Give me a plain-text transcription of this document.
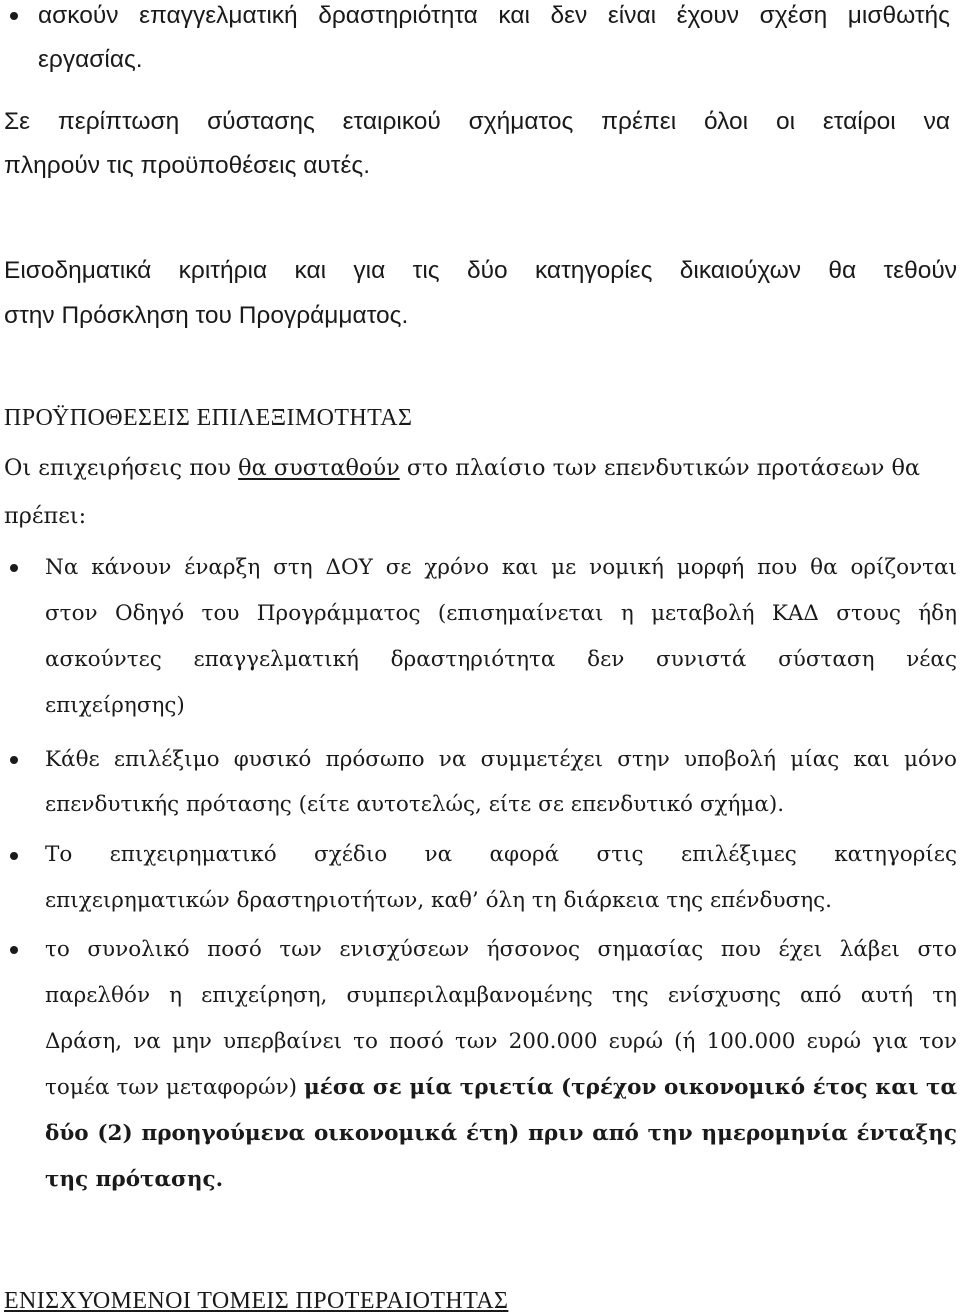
ασκούν επαγγελματική δραστηριότητα και δεν είναι έχουν σχέση μισθωτής
εργασίας.
Σε περίπτωση σύστασης εταιρικού σχήματος πρέπει όλοι οι εταίροι να
πληρούν τις προϋποθέσεις αυτές.
Εισοδηματικά κριτήρια και για τις δύο κατηγορίες δικαιούχων θα τεθούν
στην Πρόσκληση του Προγράμματος.
ΠΡΟΫΠΟΘΕΣΕΙΣ ΕΠΙΛΕΞΙΜΟΤΗΤΑΣ
Οι επιχειρήσεις που θα συσταθούν στο πλαίσιο των επενδυτικών προτάσεων θα
πρέπει:
Να κάνουν έναρξη στη ΔΟΥ σε χρόνο και με νομική μορφή που θα ορίζονται
στον Οδηγό του Προγράμματος (επισημαίνεται η μεταβολή ΚΑΔ στους ήδη
ασκούντες επαγγελματική δραστηριότητα δεν συνιστά σύσταση νέας
επιχείρησης)
Κάθε επιλέξιμο φυσικό πρόσωπο να συμμετέχει στην υποβολή μίας και μόνο
επενδυτικής πρότασης (είτε αυτοτελώς, είτε σε επενδυτικό σχήμα).
Το επιχειρηματικό σχέδιο να αφορά στις επιλέξιμες κατηγορίες
επιχειρηματικών δραστηριοτήτων, καθ’ όλη τη διάρκεια της επένδυσης.
το συνολικό ποσό των ενισχύσεων ήσσονος σημασίας που έχει λάβει στο
παρελθόν η επιχείρηση, συμπεριλαμβανομένης της ενίσχυσης από αυτή τη
Δράση, να μην υπερβαίνει το ποσό των 200.000 ευρώ (ή 100.000 ευρώ για τον
τομέα των μεταφορών) μέσα σε μία τριετία (τρέχον οικονομικό έτος και τα
δύο (2) προηγούμενα οικονομικά έτη) πριν από την ημερομηνία ένταξης
της πρότασης.
ΕΝΙΣΧΥΟΜΕΝΟΙ ΤΟΜΕΙΣ ΠΡΟΤΕΡΑΙΟΤΗΤΑΣ
